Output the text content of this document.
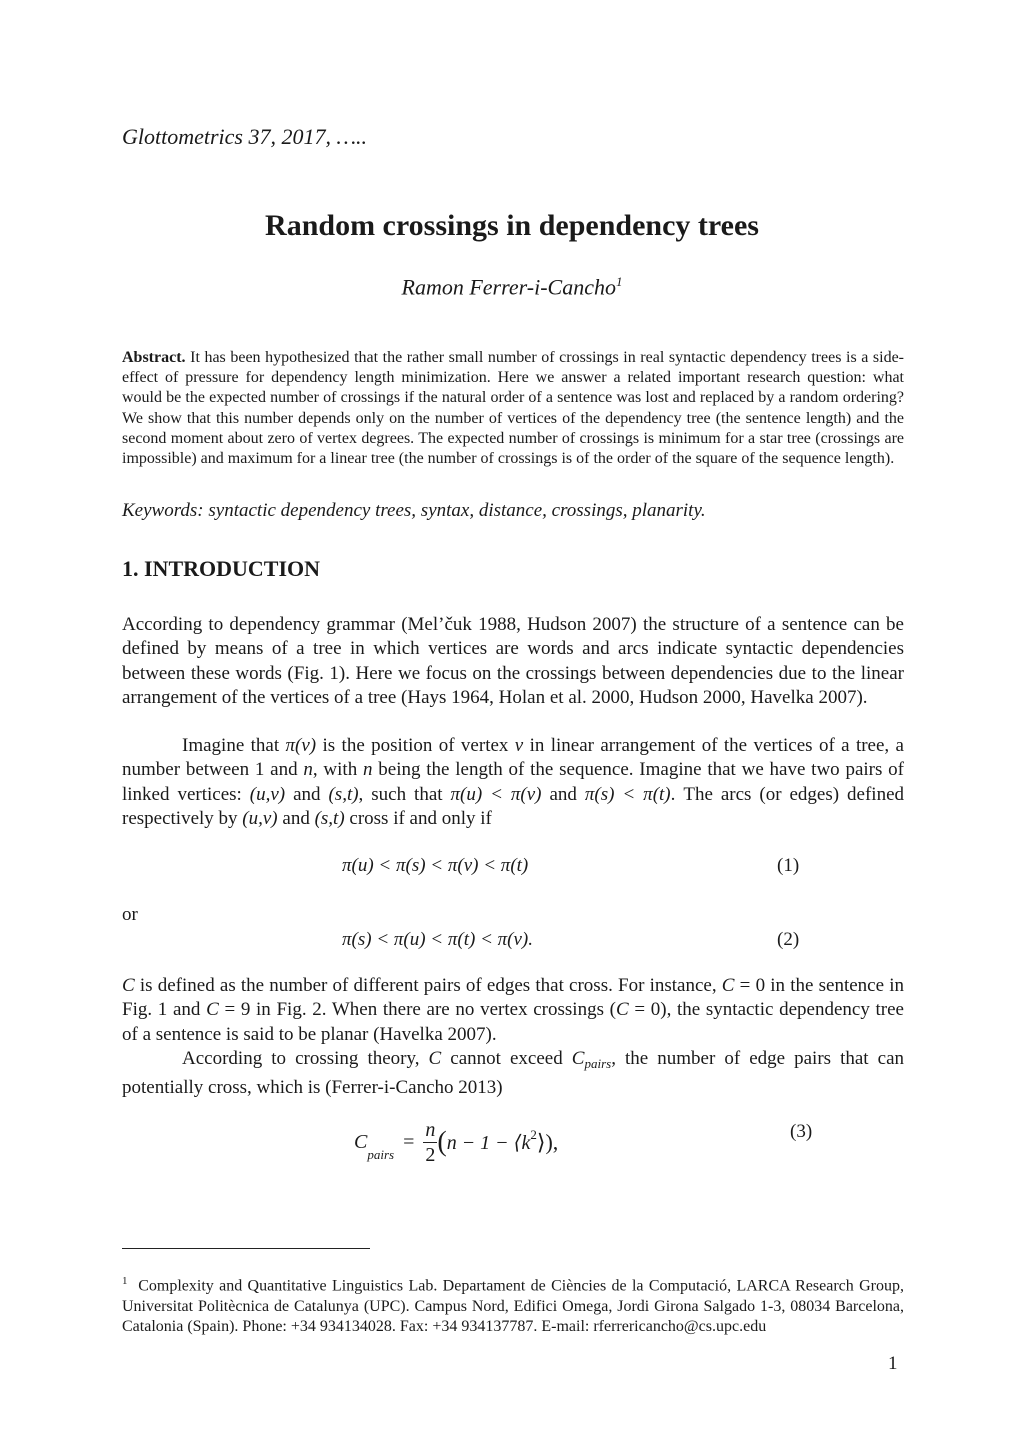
Glottometrics 37, 2017, …..
Random crossings in dependency trees
Ramon Ferrer-i-Cancho$^1$
Abstract. It has been hypothesized that the rather small number of crossings in real syntactic dependency trees is a side-effect of pressure for dependency length minimization. Here we answer a related important research question: what would be the expected number of crossings if the natural order of a sentence was lost and replaced by a random ordering? We show that this number depends only on the number of vertices of the dependency tree (the sentence length) and the second moment about zero of vertex degrees. The expected number of crossings is minimum for a star tree (crossings are impossible) and maximum for a linear tree (the number of crossings is of the order of the square of the sequence length).
Keywords: syntactic dependency trees, syntax, distance, crossings, planarity.
1. INTRODUCTION
According to dependency grammar (Mel’čuk 1988, Hudson 2007) the structure of a sentence can be defined by means of a tree in which vertices are words and arcs indicate syntactic dependencies between these words (Fig. 1). Here we focus on the crossings between dependencies due to the linear arrangement of the vertices of a tree (Hays 1964, Holan et al. 2000, Hudson 2000, Havelka 2007).
Imagine that π(v) is the position of vertex v in linear arrangement of the vertices of a tree, a number between 1 and n, with n being the length of the sequence. Imagine that we have two pairs of linked vertices: (u,v) and (s,t), such that π(u) < π(v) and π(s) < π(t). The arcs (or edges) defined respectively by (u,v) and (s,t) cross if and only if
π(u) < π(s) < π(v) < π(t)	(1)
or
π(s) < π(u) < π(t) < π(v).	(2)
C is defined as the number of different pairs of edges that cross. For instance, C = 0 in the sentence in Fig. 1 and C = 9 in Fig. 2. When there are no vertex crossings (C = 0), the syntactic dependency tree of a sentence is said to be planar (Havelka 2007).
According to crossing theory, C cannot exceed $C_{pairs}$, the number of edge pairs that can potentially cross, which is (Ferrer-i-Cancho 2013)
$C_{pairs} = \frac{n}{2} (n - 1$ − $⟨k^2⟩$),	(3)
$^1$ Complexity and Quantitative Linguistics Lab. Departament de Ciències de la Computació, LARCA Research Group, Universitat Politècnica de Catalunya (UPC). Campus Nord, Edifici Omega, Jordi Girona Salgado 1-3, 08034 Barcelona, Catalonia (Spain). Phone: +34 934134028. Fax: +34 934137787. E-mail: rferrericancho@cs.upc.edu
1
